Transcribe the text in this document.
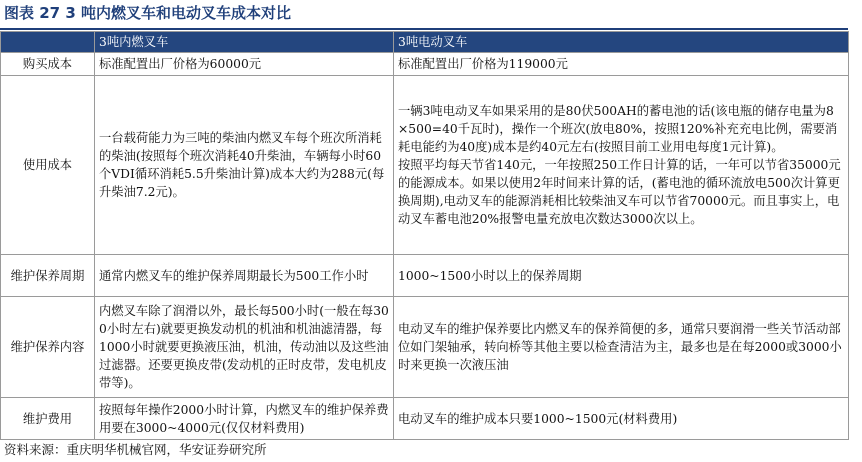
图表 27 3 吨内燃叉车和电动叉车成本对比
	3吨内燃叉车	3吨电动叉车
购买成本	标准配置出厂价格为60000元	标准配置出厂价格为119000元
使用成本	一台载荷能力为三吨的柴油内燃叉车每个班次所消耗的柴油(按照每个班次消耗40升柴油，车辆每小时60个VDI循环消耗5.5升柴油计算)成本大约为288元(每升柴油7.2元)。	一辆3吨电动叉车如果采用的是80伏500AH的蓄电池的话(该电瓶的储存电量为8×500=40千瓦时)，操作一个班次(放电80%，按照120%补充充电比例，需要消耗电能约为40度)成本是约40元左右(按照目前工业用电每度1元计算)。
按照平均每天节省140元，一年按照250工作日计算的话，一年可以节省35000元的能源成本。如果以使用2年时间来计算的话，(蓄电池的循环流放电500次计算更换周期),电动叉车的能源消耗相比较柴油叉车可以节省70000元。而且事实上，电动叉车蓄电池20%报警电量充放电次数达3000次以上。

维护保养周期	通常内燃叉车的维护保养周期最长为500工作小时	1000~1500小时以上的保养周期
维护保养内容	内燃叉车除了润滑以外，最长每500小时(一般在每300小时左右)就要更换发动机的机油和机油滤清器，每1000小时就要更换液压油，机油，传动油以及这些油过滤器。还要更换皮带(发动机的正时皮带，发电机皮带等)。	电动叉车的维护保养要比内燃叉车的保养简便的多，通常只要润滑一些关节活动部位如门架轴承，转向桥等其他主要以检查清洁为主，最多也是在每2000或3000小时来更换一次液压油
维护费用	按照每年操作2000小时计算，内燃叉车的维护保养费用要在3000~4000元(仅仅材料费用)	电动叉车的维护成本只要1000~1500元(材料费用)
资料来源：重庆明华机械官网，华安证券研究所
